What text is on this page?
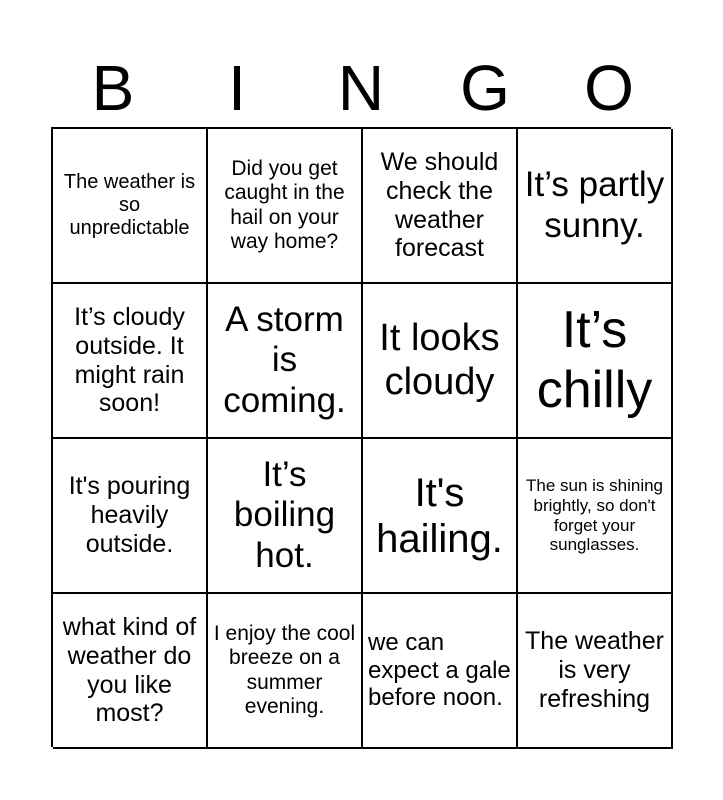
B	I	N	G	O
The weather is so unpredictable
Did you get caught in the hail on your way home?
We should check the weather forecast
It’s partly sunny.
It’s cloudy outside. It might rain soon!
A storm is coming.
It looks cloudy
It’s chilly
It's pouring heavily outside.
It’s boiling hot.
It's hailing.
The sun is shining brightly, so don't forget your sunglasses.
what kind of weather do you like most?
I enjoy the cool breeze on a summer evening.
we can expect a gale before noon.
The weather is very refreshing
